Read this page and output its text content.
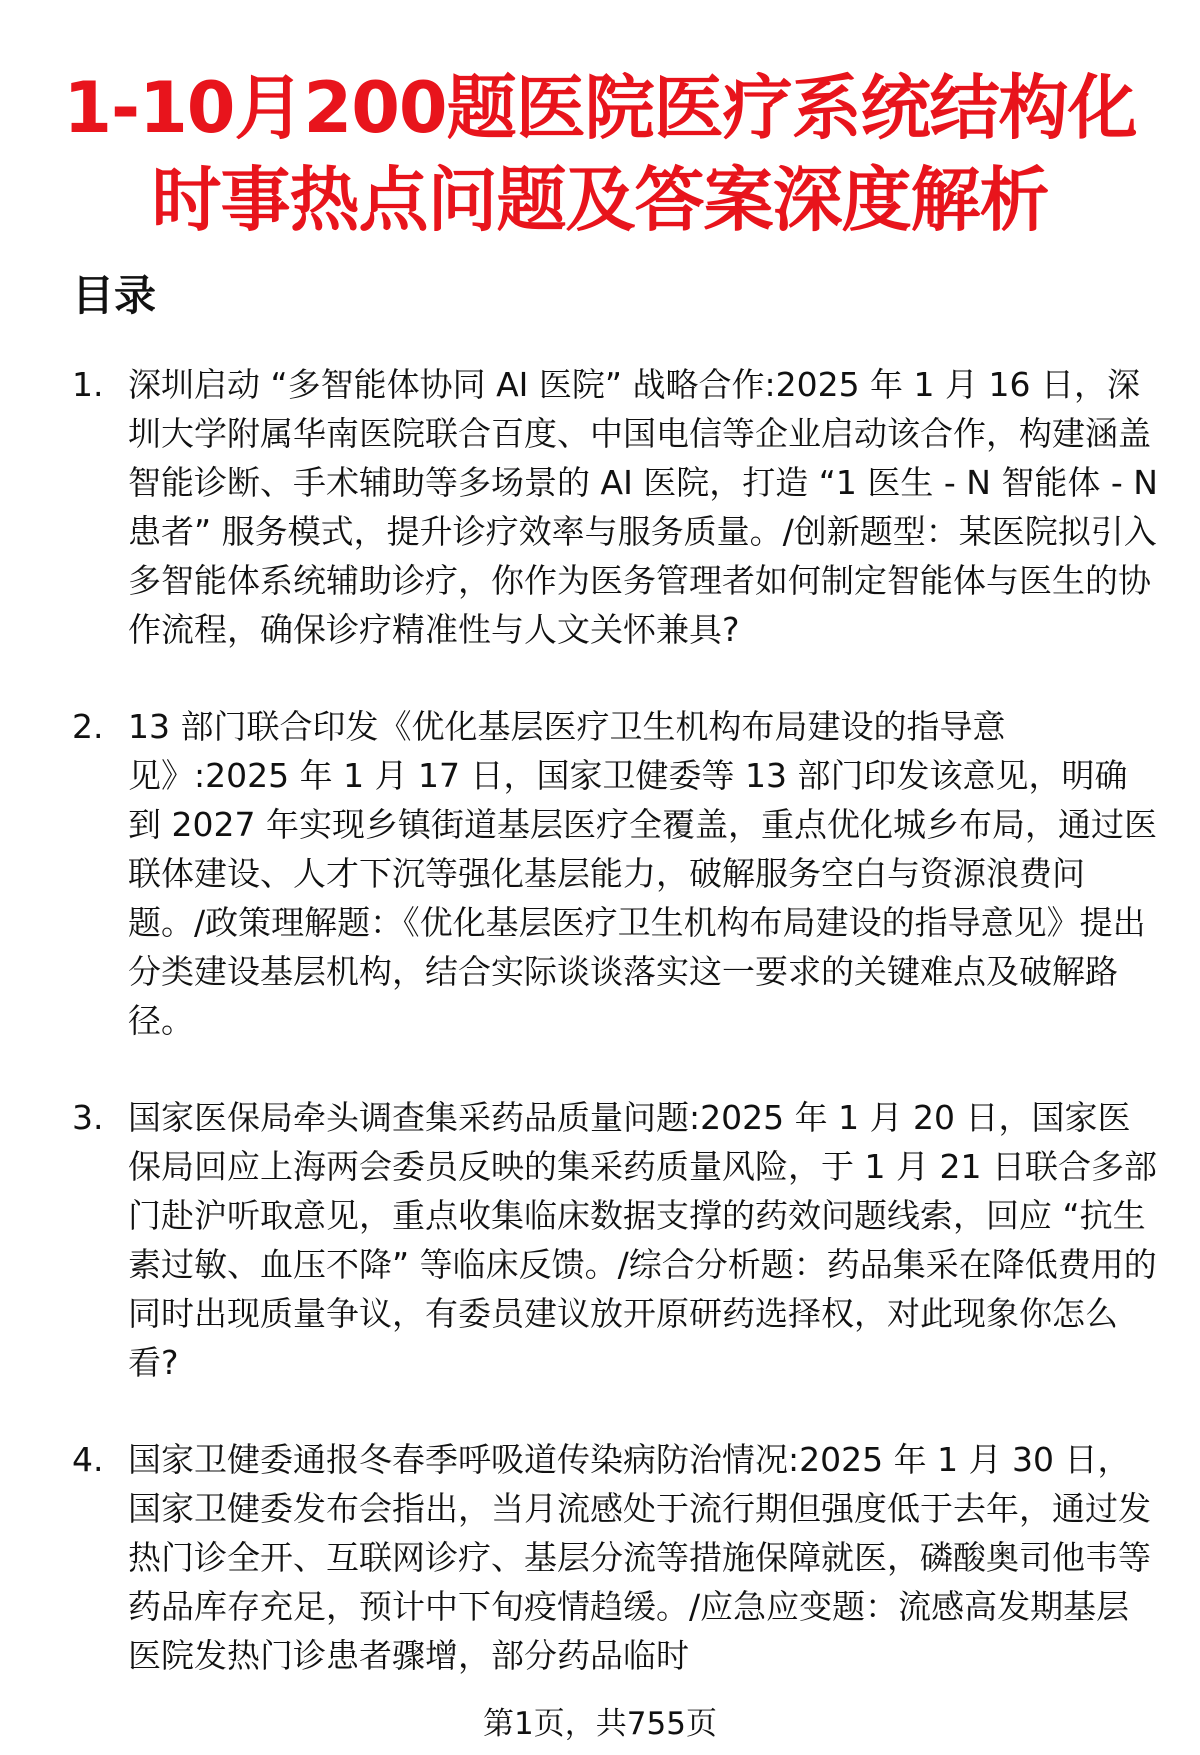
1-10月200题医院医疗系统结构化
时事热点问题及答案深度解析
目录
1. 深圳启动 “多智能体协同 AI 医院” 战略合作:2025 年 1 月 16 日，深圳大学附属华南医院联合百度、中国电信等企业启动该合作，构建涵盖智能诊断、手术辅助等多场景的 AI 医院，打造 “1 医生 - N 智能体 - N 患者” 服务模式，提升诊疗效率与服务质量。/创新题型：某医院拟引入多智能体系统辅助诊疗，你作为医务管理者如何制定智能体与医生的协作流程，确保诊疗精准性与人文关怀兼具?
2. 13 部门联合印发《优化基层医疗卫生机构布局建设的指导意见》:2025 年 1 月 17 日，国家卫健委等 13 部门印发该意见，明确到 2027 年实现乡镇街道基层医疗全覆盖，重点优化城乡布局，通过医联体建设、人才下沉等强化基层能力，破解服务空白与资源浪费问题。/政策理解题：《优化基层医疗卫生机构布局建设的指导意见》提出分类建设基层机构，结合实际谈谈落实这一要求的关键难点及破解路径。
3. 国家医保局牵头调查集采药品质量问题:2025 年 1 月 20 日，国家医保局回应上海两会委员反映的集采药质量风险，于 1 月 21 日联合多部门赴沪听取意见，重点收集临床数据支撑的药效问题线索，回应 “抗生素过敏、血压不降” 等临床反馈。/综合分析题：药品集采在降低费用的同时出现质量争议，有委员建议放开原研药选择权，对此现象你怎么看?
4. 国家卫健委通报冬春季呼吸道传染病防治情况:2025 年 1 月 30 日，国家卫健委发布会指出，当月流感处于流行期但强度低于去年，通过发热门诊全开、互联网诊疗、基层分流等措施保障就医，磷酸奥司他韦等药品库存充足，预计中下旬疫情趋缓。/应急应变题：流感高发期基层医院发热门诊患者骤增，部分药品临时
第1页，共755页
